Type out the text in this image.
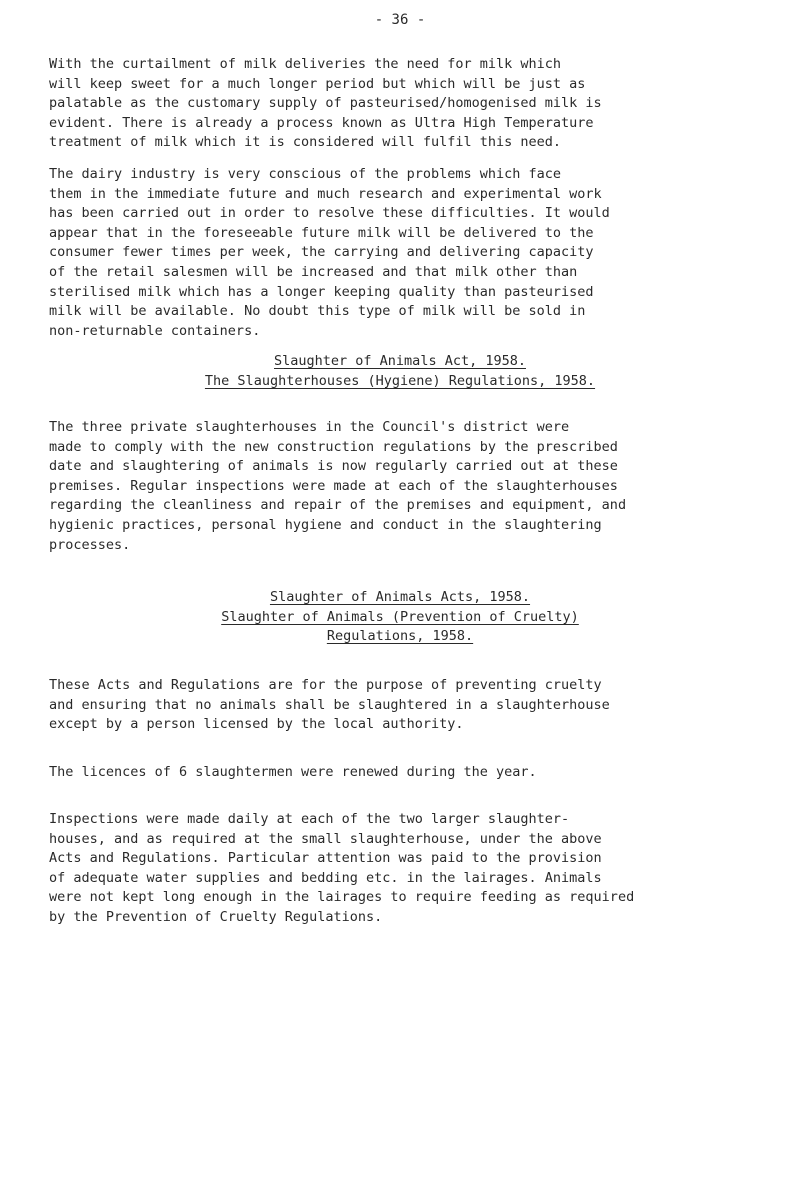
- 36 -

With the curtailment of milk deliveries the need for milk which
will keep sweet for a much longer period but which will be just as
palatable as the customary supply of pasteurised/homogenised milk is
evident. There is already a process known as Ultra High Temperature
treatment of milk which it is considered will fulfil this need.

The dairy industry is very conscious of the problems which face
them in the immediate future and much research and experimental work
has been carried out in order to resolve these difficulties. It would
appear that in the foreseeable future milk will be delivered to the
consumer fewer times per week, the carrying and delivering capacity
of the retail salesmen will be increased and that milk other than
sterilised milk which has a longer keeping quality than pasteurised
milk will be available. No doubt this type of milk will be sold in
non-returnable containers.

Slaughter of Animals Act, 1958.
The Slaughterhouses (Hygiene) Regulations, 1958.

The three private slaughterhouses in the Council's district were
made to comply with the new construction regulations by the prescribed
date and slaughtering of animals is now regularly carried out at these
premises. Regular inspections were made at each of the slaughterhouses
regarding the cleanliness and repair of the premises and equipment, and
hygienic practices, personal hygiene and conduct in the slaughtering
processes.

Slaughter of Animals Acts, 1958.
Slaughter of Animals (Prevention of Cruelty)
Regulations, 1958.

These Acts and Regulations are for the purpose of preventing cruelty
and ensuring that no animals shall be slaughtered in a slaughterhouse
except by a person licensed by the local authority.

The licences of 6 slaughtermen were renewed during the year.

Inspections were made daily at each of the two larger slaughter-
houses, and as required at the small slaughterhouse, under the above
Acts and Regulations. Particular attention was paid to the provision
of adequate water supplies and bedding etc. in the lairages. Animals
were not kept long enough in the lairages to require feeding as required
by the Prevention of Cruelty Regulations.
